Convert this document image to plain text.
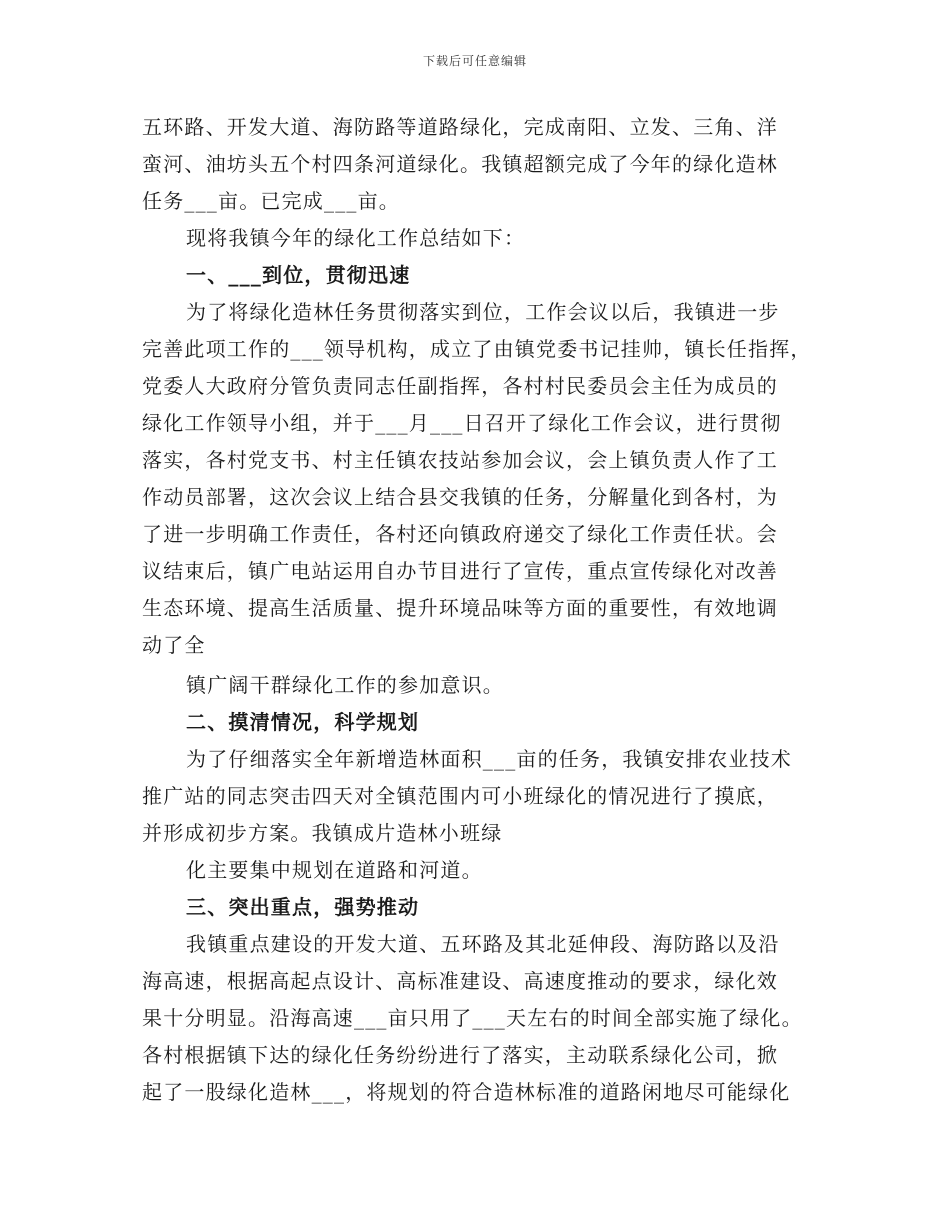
下载后可任意编辑
五环路、开发大道、海防路等道路绿化，完成南阳、立发、三角、洋
蛮河、油坊头五个村四条河道绿化。我镇超额完成了今年的绿化造林
任务___亩。已完成___亩。
现将我镇今年的绿化工作总结如下：
一、___到位，贯彻迅速
为了将绿化造林任务贯彻落实到位，工作会议以后，我镇进一步
完善此项工作的___领导机构，成立了由镇党委书记挂帅，镇长任指挥，
党委人大政府分管负责同志任副指挥，各村村民委员会主任为成员的
绿化工作领导小组，并于___月___日召开了绿化工作会议，进行贯彻
落实，各村党支书、村主任镇农技站参加会议，会上镇负责人作了工
作动员部署，这次会议上结合县交我镇的任务，分解量化到各村，为
了进一步明确工作责任，各村还向镇政府递交了绿化工作责任状。会
议结束后，镇广电站运用自办节目进行了宣传，重点宣传绿化对改善
生态环境、提高生活质量、提升环境品味等方面的重要性，有效地调
动了全
镇广阔干群绿化工作的参加意识。
二、摸清情况，科学规划
为了仔细落实全年新增造林面积___亩的任务，我镇安排农业技术
推广站的同志突击四天对全镇范围内可小班绿化的情况进行了摸底，
并形成初步方案。我镇成片造林小班绿
化主要集中规划在道路和河道。
三、突出重点，强势推动
我镇重点建设的开发大道、五环路及其北延伸段、海防路以及沿
海高速，根据高起点设计、高标准建设、高速度推动的要求，绿化效
果十分明显。沿海高速___亩只用了___天左右的时间全部实施了绿化。
各村根据镇下达的绿化任务纷纷进行了落实，主动联系绿化公司，掀
起了一股绿化造林___，将规划的符合造林标准的道路闲地尽可能绿化
